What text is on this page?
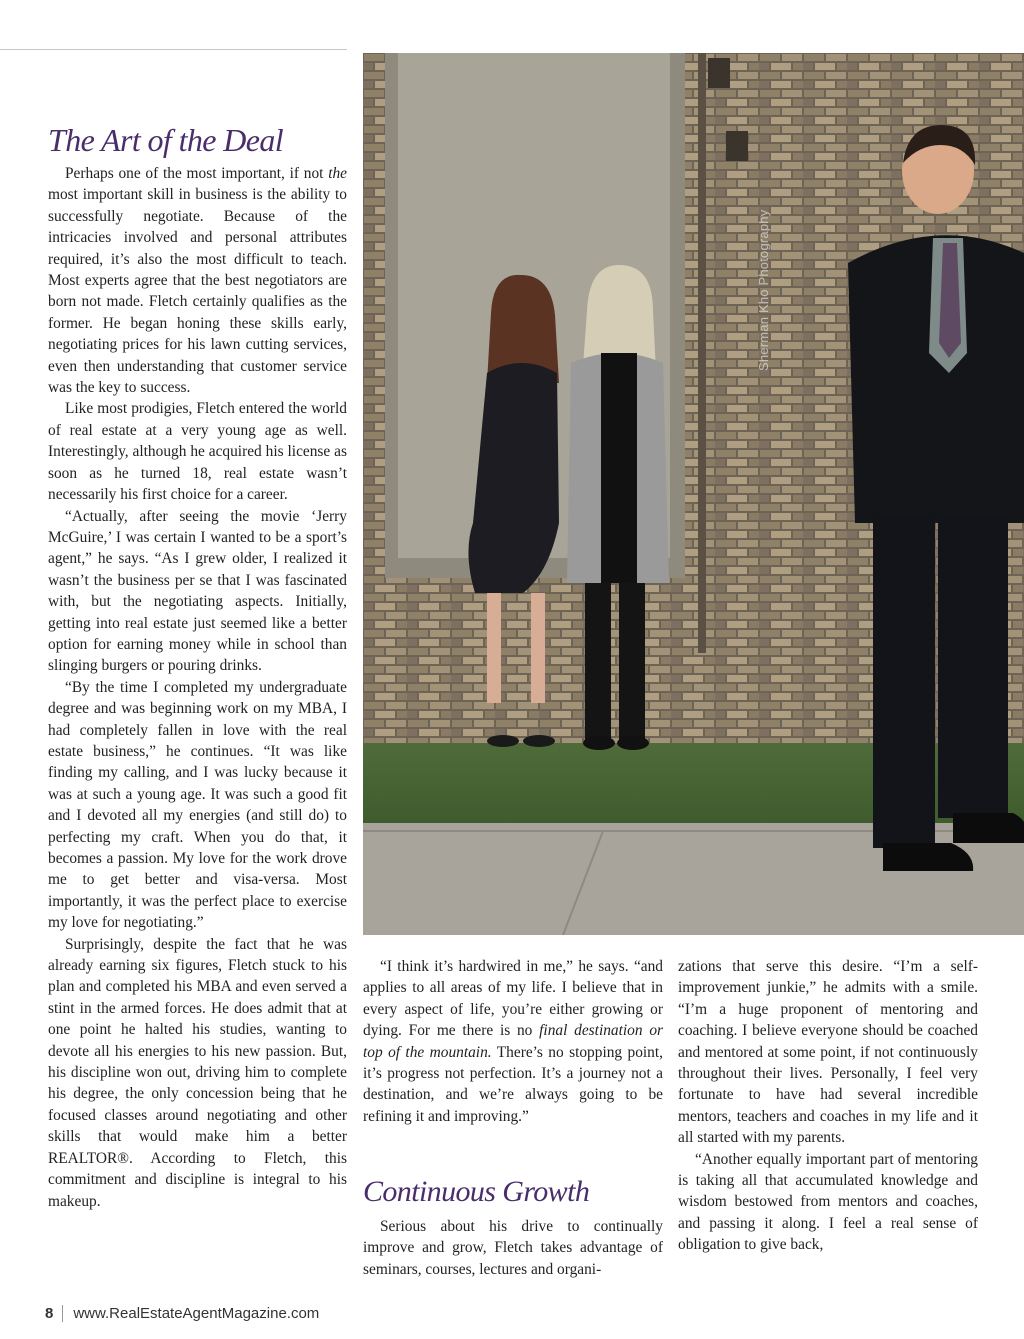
The Art of the Deal

Perhaps one of the most important, if not the most important skill in business is the ability to successfully negotiate. Because of the intricacies involved and personal attributes required, it’s also the most difficult to teach. Most experts agree that the best negotiators are born not made. Fletch certainly qualifies as the former. He began honing these skills early, negotiating prices for his lawn cutting services, even then understanding that customer service was the key to success.

Like most prodigies, Fletch entered the world of real estate at a very young age as well. Interestingly, although he acquired his license as soon as he turned 18, real estate wasn’t necessarily his first choice for a career.

“Actually, after seeing the movie ‘Jerry McGuire,’ I was certain I wanted to be a sport’s agent,” he says. “As I grew older, I realized it wasn’t the business per se that I was fascinated with, but the negotiating aspects. Initially, getting into real estate just seemed like a better option for earning money while in school than slinging burgers or pouring drinks.

“By the time I completed my undergraduate degree and was beginning work on my MBA, I had completely fallen in love with the real estate business,” he continues. “It was like finding my calling, and I was lucky because it was at such a young age. It was such a good fit and I devoted all my energies (and still do) to perfecting my craft. When you do that, it becomes a passion. My love for the work drove me to get better and visa-versa. Most importantly, it was the perfect place to exercise my love for negotiating.”

Surprisingly, despite the fact that he was already earning six figures, Fletch stuck to his plan and completed his MBA and even served a stint in the armed forces. He does admit that at one point he halted his studies, wanting to devote all his energies to his new passion. But, his discipline won out, driving him to complete his degree, the only concession being that he focused classes around negotiating and other skills that would make him a better REALTOR®. According to Fletch, this commitment and discipline is integral to his makeup.

Sherman Kho Photography

“I think it’s hardwired in me,” he says. “and applies to all areas of my life. I believe that in every aspect of life, you’re either growing or dying. For me there is no final destination or top of the mountain. There’s no stopping point, it’s progress not perfection. It’s a journey not a destination, and we’re always going to be refining it and improving.”

Continuous Growth

Serious about his drive to continually improve and grow, Fletch takes advantage of seminars, courses, lectures and organi-

zations that serve this desire. “I’m a self-improvement junkie,” he admits with a smile. “I’m a huge proponent of mentoring and coaching. I believe everyone should be coached and mentored at some point, if not continuously throughout their lives. Personally, I feel very fortunate to have had several incredible mentors, teachers and coaches in my life and it all started with my parents.

“Another equally important part of mentoring is taking all that accumulated knowledge and wisdom bestowed from mentors and coaches, and passing it along. I feel a real sense of obligation to give back,

8 www.RealEstateAgentMagazine.com
